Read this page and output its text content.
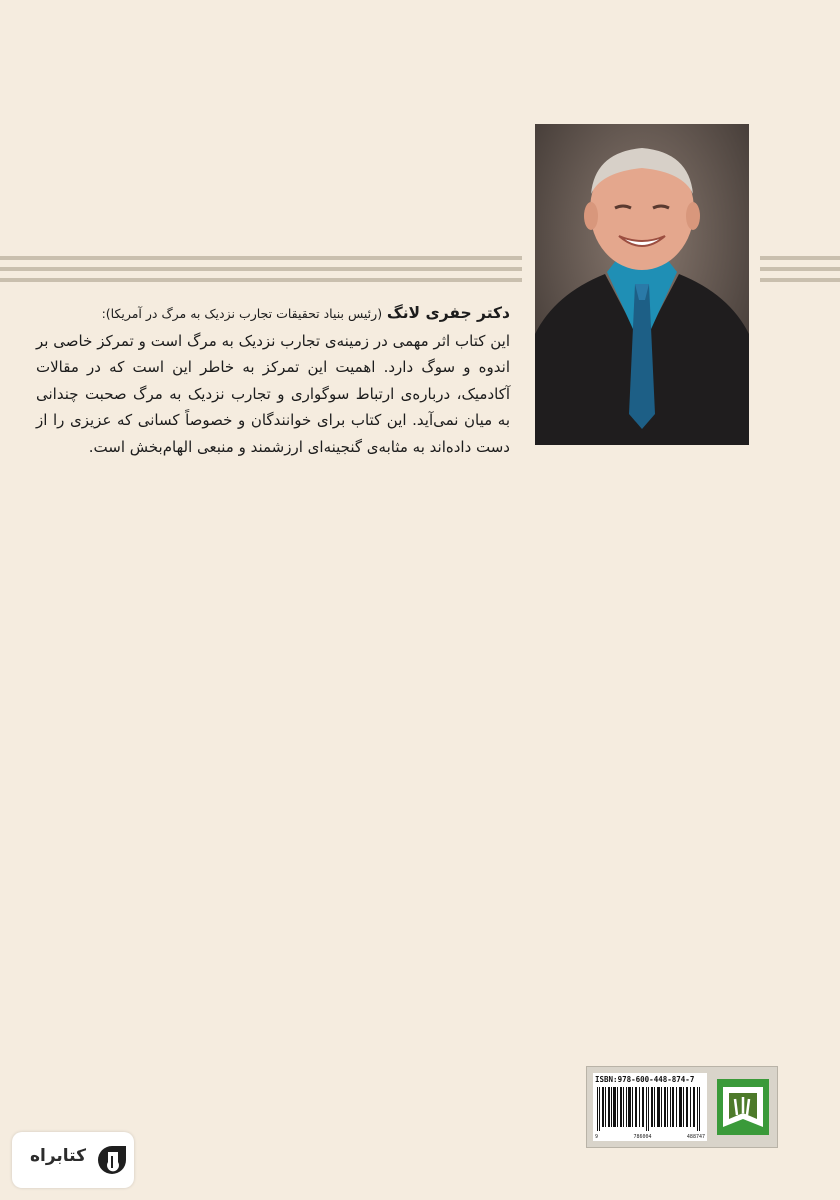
دکتر جفری لانگ (رئیس بنیاد تحقیقات تجارب نزدیک به مرگ در آمریکا):

این کتاب اثر مهمی در زمینه‌ی تجارب نزدیک به مرگ است و تمرکز خاصی بر اندوه و سوگ دارد. اهمیت این تمرکز به خاطر این است که در مقالات آکادمیک، درباره‌ی ارتباط سوگواری و تجارب نزدیک به مرگ صحبت چندانی به میان نمی‌آید. این کتاب برای خوانندگان و خصوصاً کسانی که عزیزی را از دست داده‌اند به مثابه‌ی گنجینه‌ای ارزشمند و منبعی الهام‌بخش است.

ISBN:978-600-448-874-7
9	786004	488747
کتابراه
